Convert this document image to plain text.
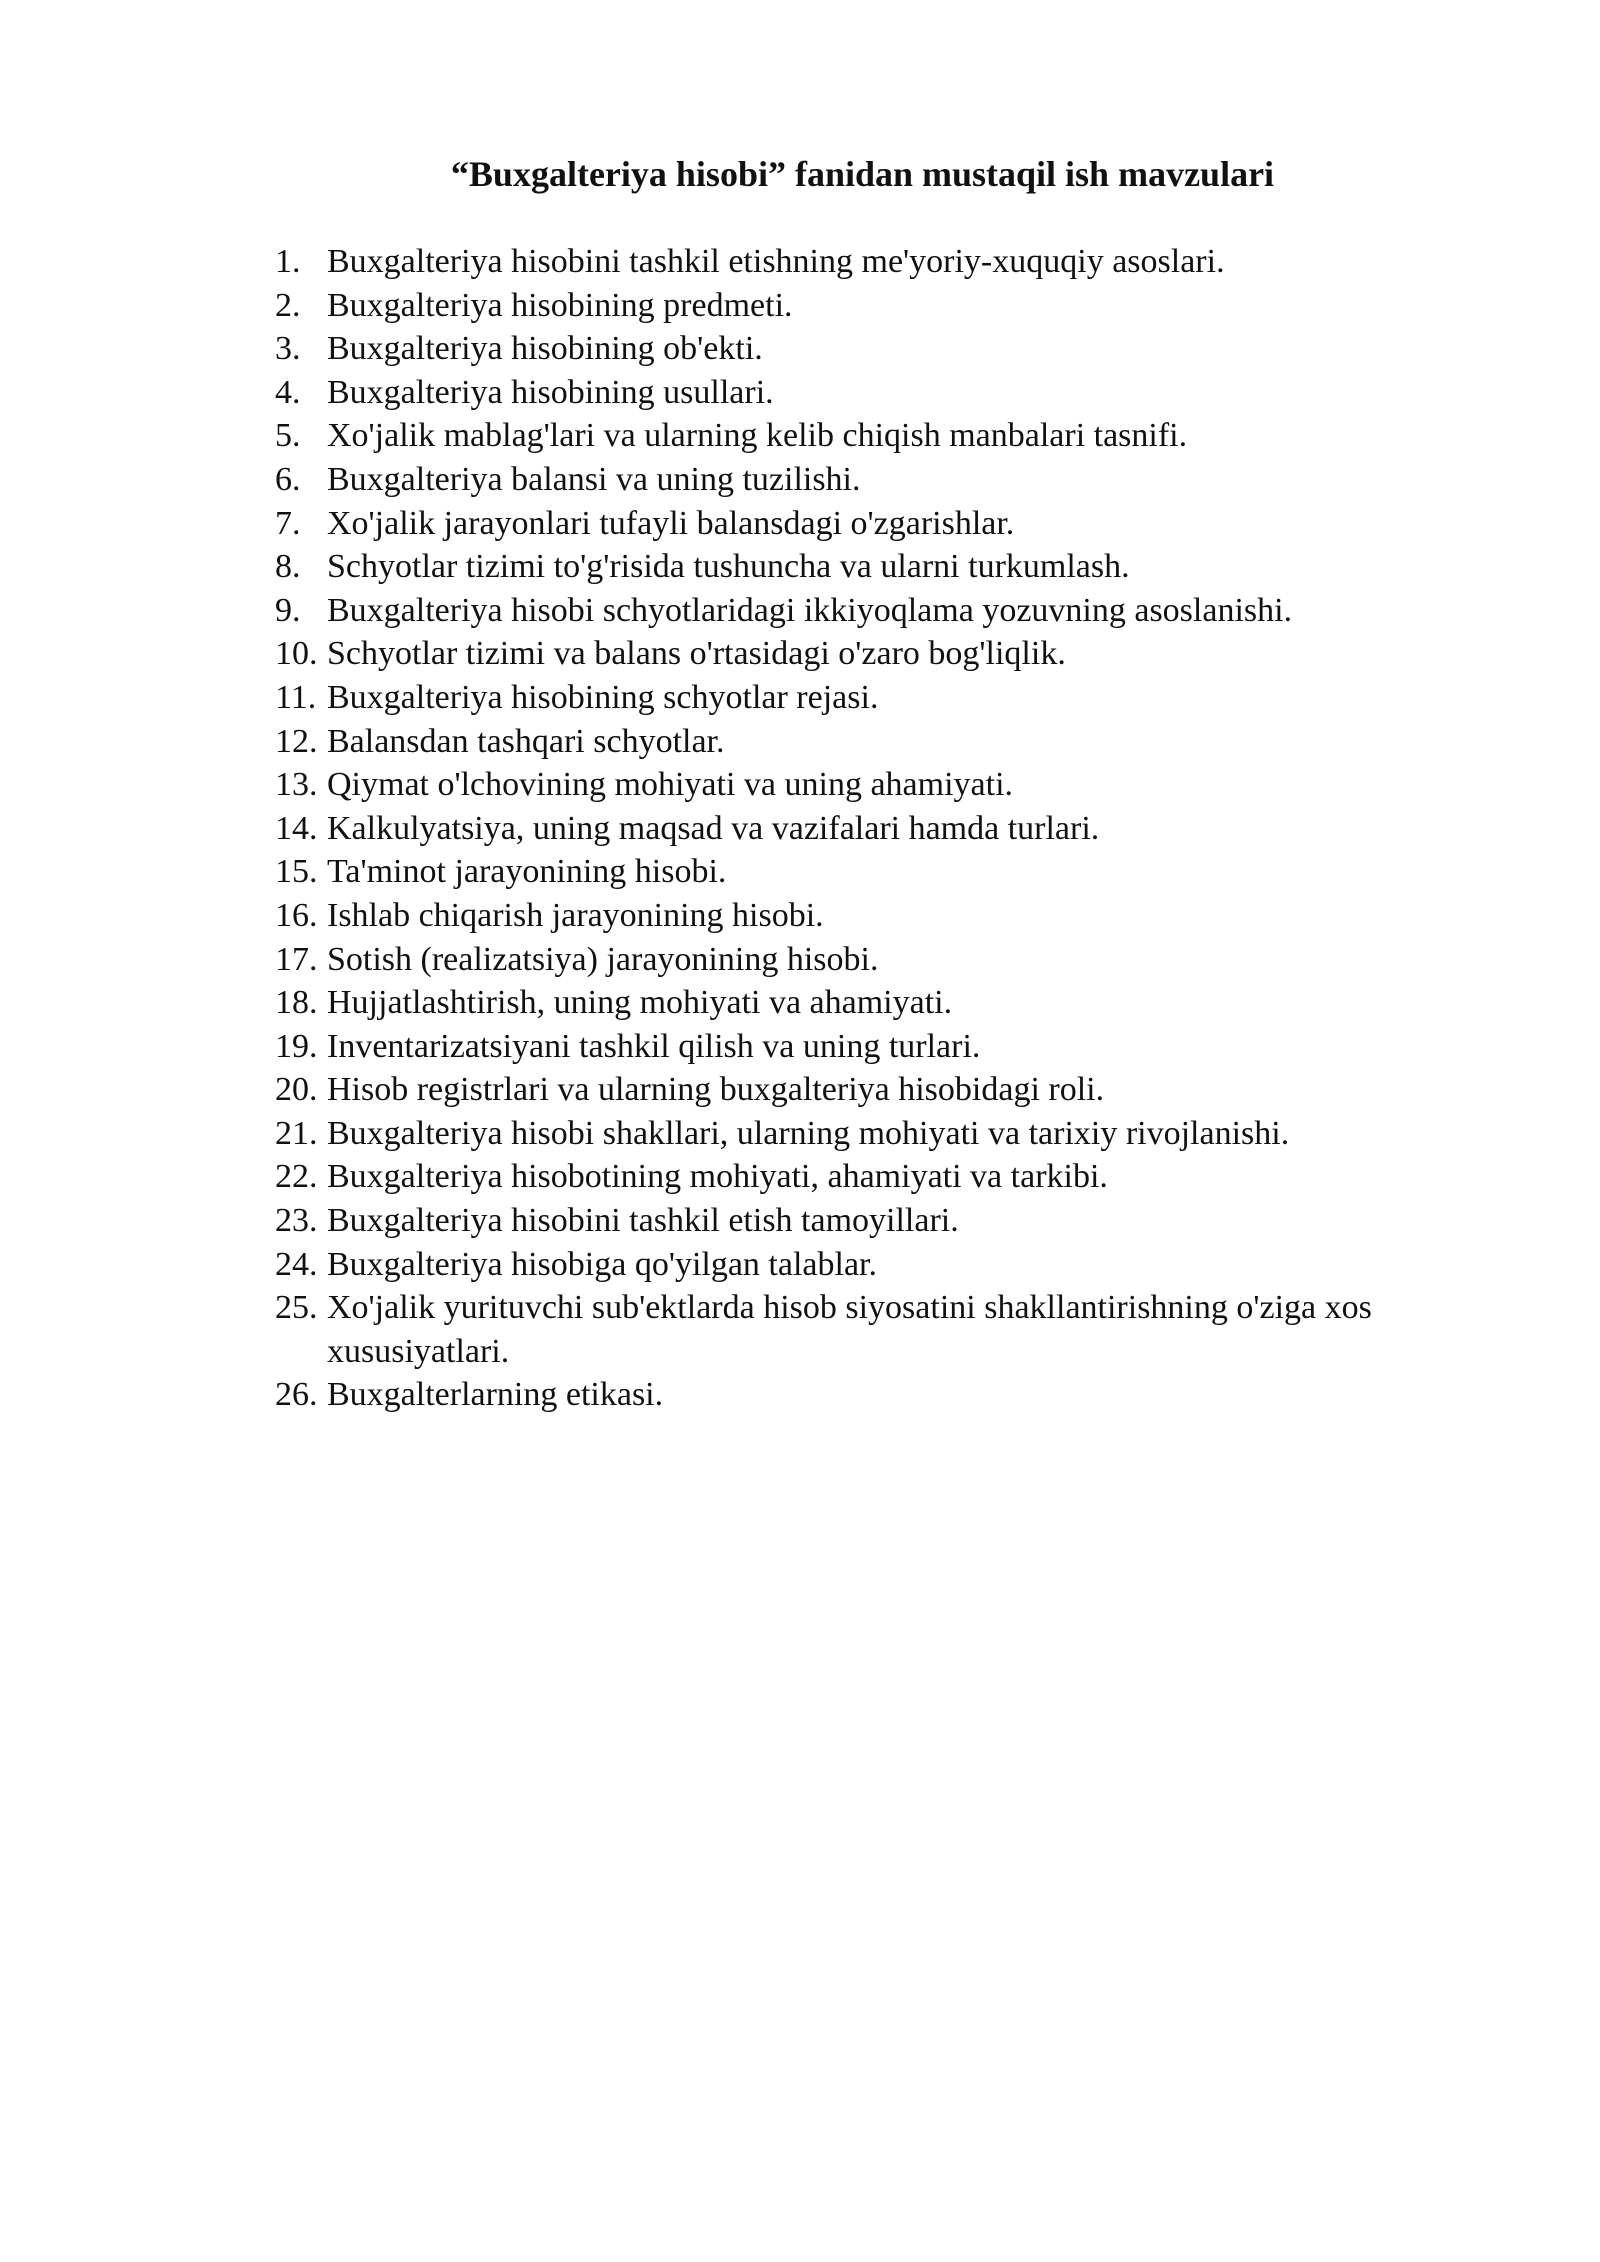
“Buxgalteriya hisobi” fanidan mustaqil ish mavzulari
1. Buxgalteriya hisobini tashkil etishning me'yoriy-xuquqiy asoslari.
2. Buxgalteriya hisobining predmeti.
3. Buxgalteriya hisobining ob'ekti.
4. Buxgalteriya hisobining usullari.
5. Xo'jalik mablag'lari va ularning kelib chiqish manbalari tasnifi.
6. Buxgalteriya balansi va uning tuzilishi.
7. Xo'jalik jarayonlari tufayli balansdagi o'zgarishlar.
8. Schyotlar tizimi to'g'risida tushuncha va ularni turkumlash.
9. Buxgalteriya hisobi schyotlaridagi ikkiyoqlama yozuvning asoslanishi.
10. Schyotlar tizimi va balans o'rtasidagi o'zaro bog'liqlik.
11. Buxgalteriya hisobining schyotlar rejasi.
12. Balansdan tashqari schyotlar.
13. Qiymat o'lchovining mohiyati va uning ahamiyati.
14. Kalkulyatsiya, uning maqsad va vazifalari hamda turlari.
15. Ta'minot jarayonining hisobi.
16. Ishlab chiqarish jarayonining hisobi.
17. Sotish (realizatsiya) jarayonining hisobi.
18. Hujjatlashtirish, uning mohiyati va ahamiyati.
19. Inventarizatsiyani tashkil qilish va uning turlari.
20. Hisob registrlari va ularning buxgalteriya hisobidagi roli.
21. Buxgalteriya hisobi shakllari, ularning mohiyati va tarixiy rivojlanishi.
22. Buxgalteriya hisobotining mohiyati, ahamiyati va tarkibi.
23. Buxgalteriya hisobini tashkil etish tamoyillari.
24. Buxgalteriya hisobiga qo'yilgan talablar.
25. Xo'jalik yurituvchi sub'ektlarda hisob siyosatini shakllantirishning o'ziga xos xususiyatlari.
26. Buxgalterlarning etikasi.
